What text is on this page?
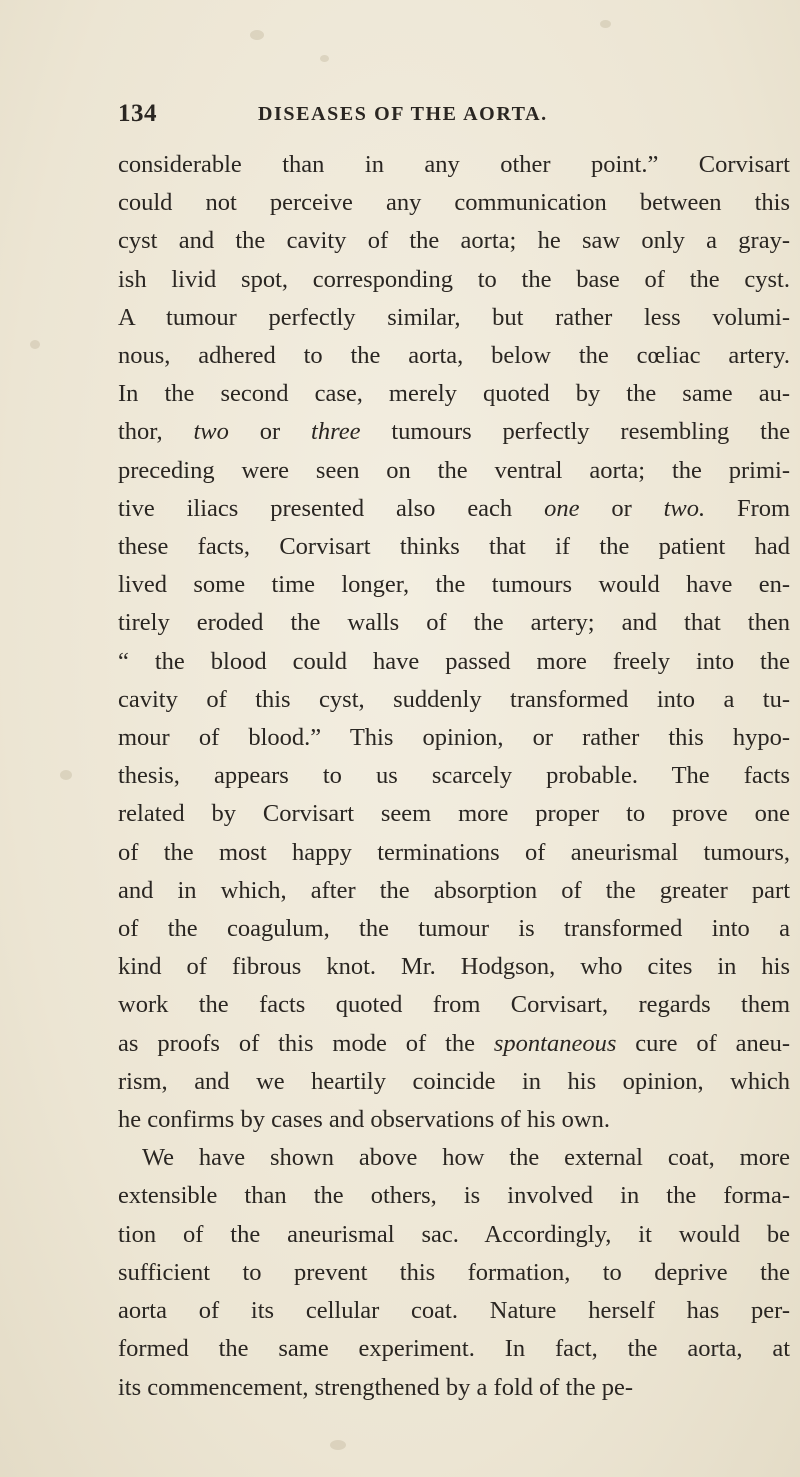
134	DISEASES OF THE AORTA.
considerable than in any other point.” Corvisart
could not perceive any communication between this
cyst and the cavity of the aorta; he saw only a gray-
ish livid spot, corresponding to the base of the cyst.
A tumour perfectly similar, but rather less volumi-
nous, adhered to the aorta, below the cœliac artery.
In the second case, merely quoted by the same au-
thor, two or three tumours perfectly resembling the
preceding were seen on the ventral aorta; the primi-
tive iliacs presented also each one or two. From
these facts, Corvisart thinks that if the patient had
lived some time longer, the tumours would have en-
tirely eroded the walls of the artery; and that then
“ the blood could have passed more freely into the
cavity of this cyst, suddenly transformed into a tu-
mour of blood.” This opinion, or rather this hypo-
thesis, appears to us scarcely probable. The facts
related by Corvisart seem more proper to prove one
of the most happy terminations of aneurismal tumours,
and in which, after the absorption of the greater part
of the coagulum, the tumour is transformed into a
kind of fibrous knot. Mr. Hodgson, who cites in his
work the facts quoted from Corvisart, regards them
as proofs of this mode of the spontaneous cure of aneu-
rism, and we heartily coincide in his opinion, which
he confirms by cases and observations of his own.
We have shown above how the external coat, more
extensible than the others, is involved in the forma-
tion of the aneurismal sac. Accordingly, it would be
sufficient to prevent this formation, to deprive the
aorta of its cellular coat. Nature herself has per-
formed the same experiment. In fact, the aorta, at
its commencement, strengthened by a fold of the pe-
